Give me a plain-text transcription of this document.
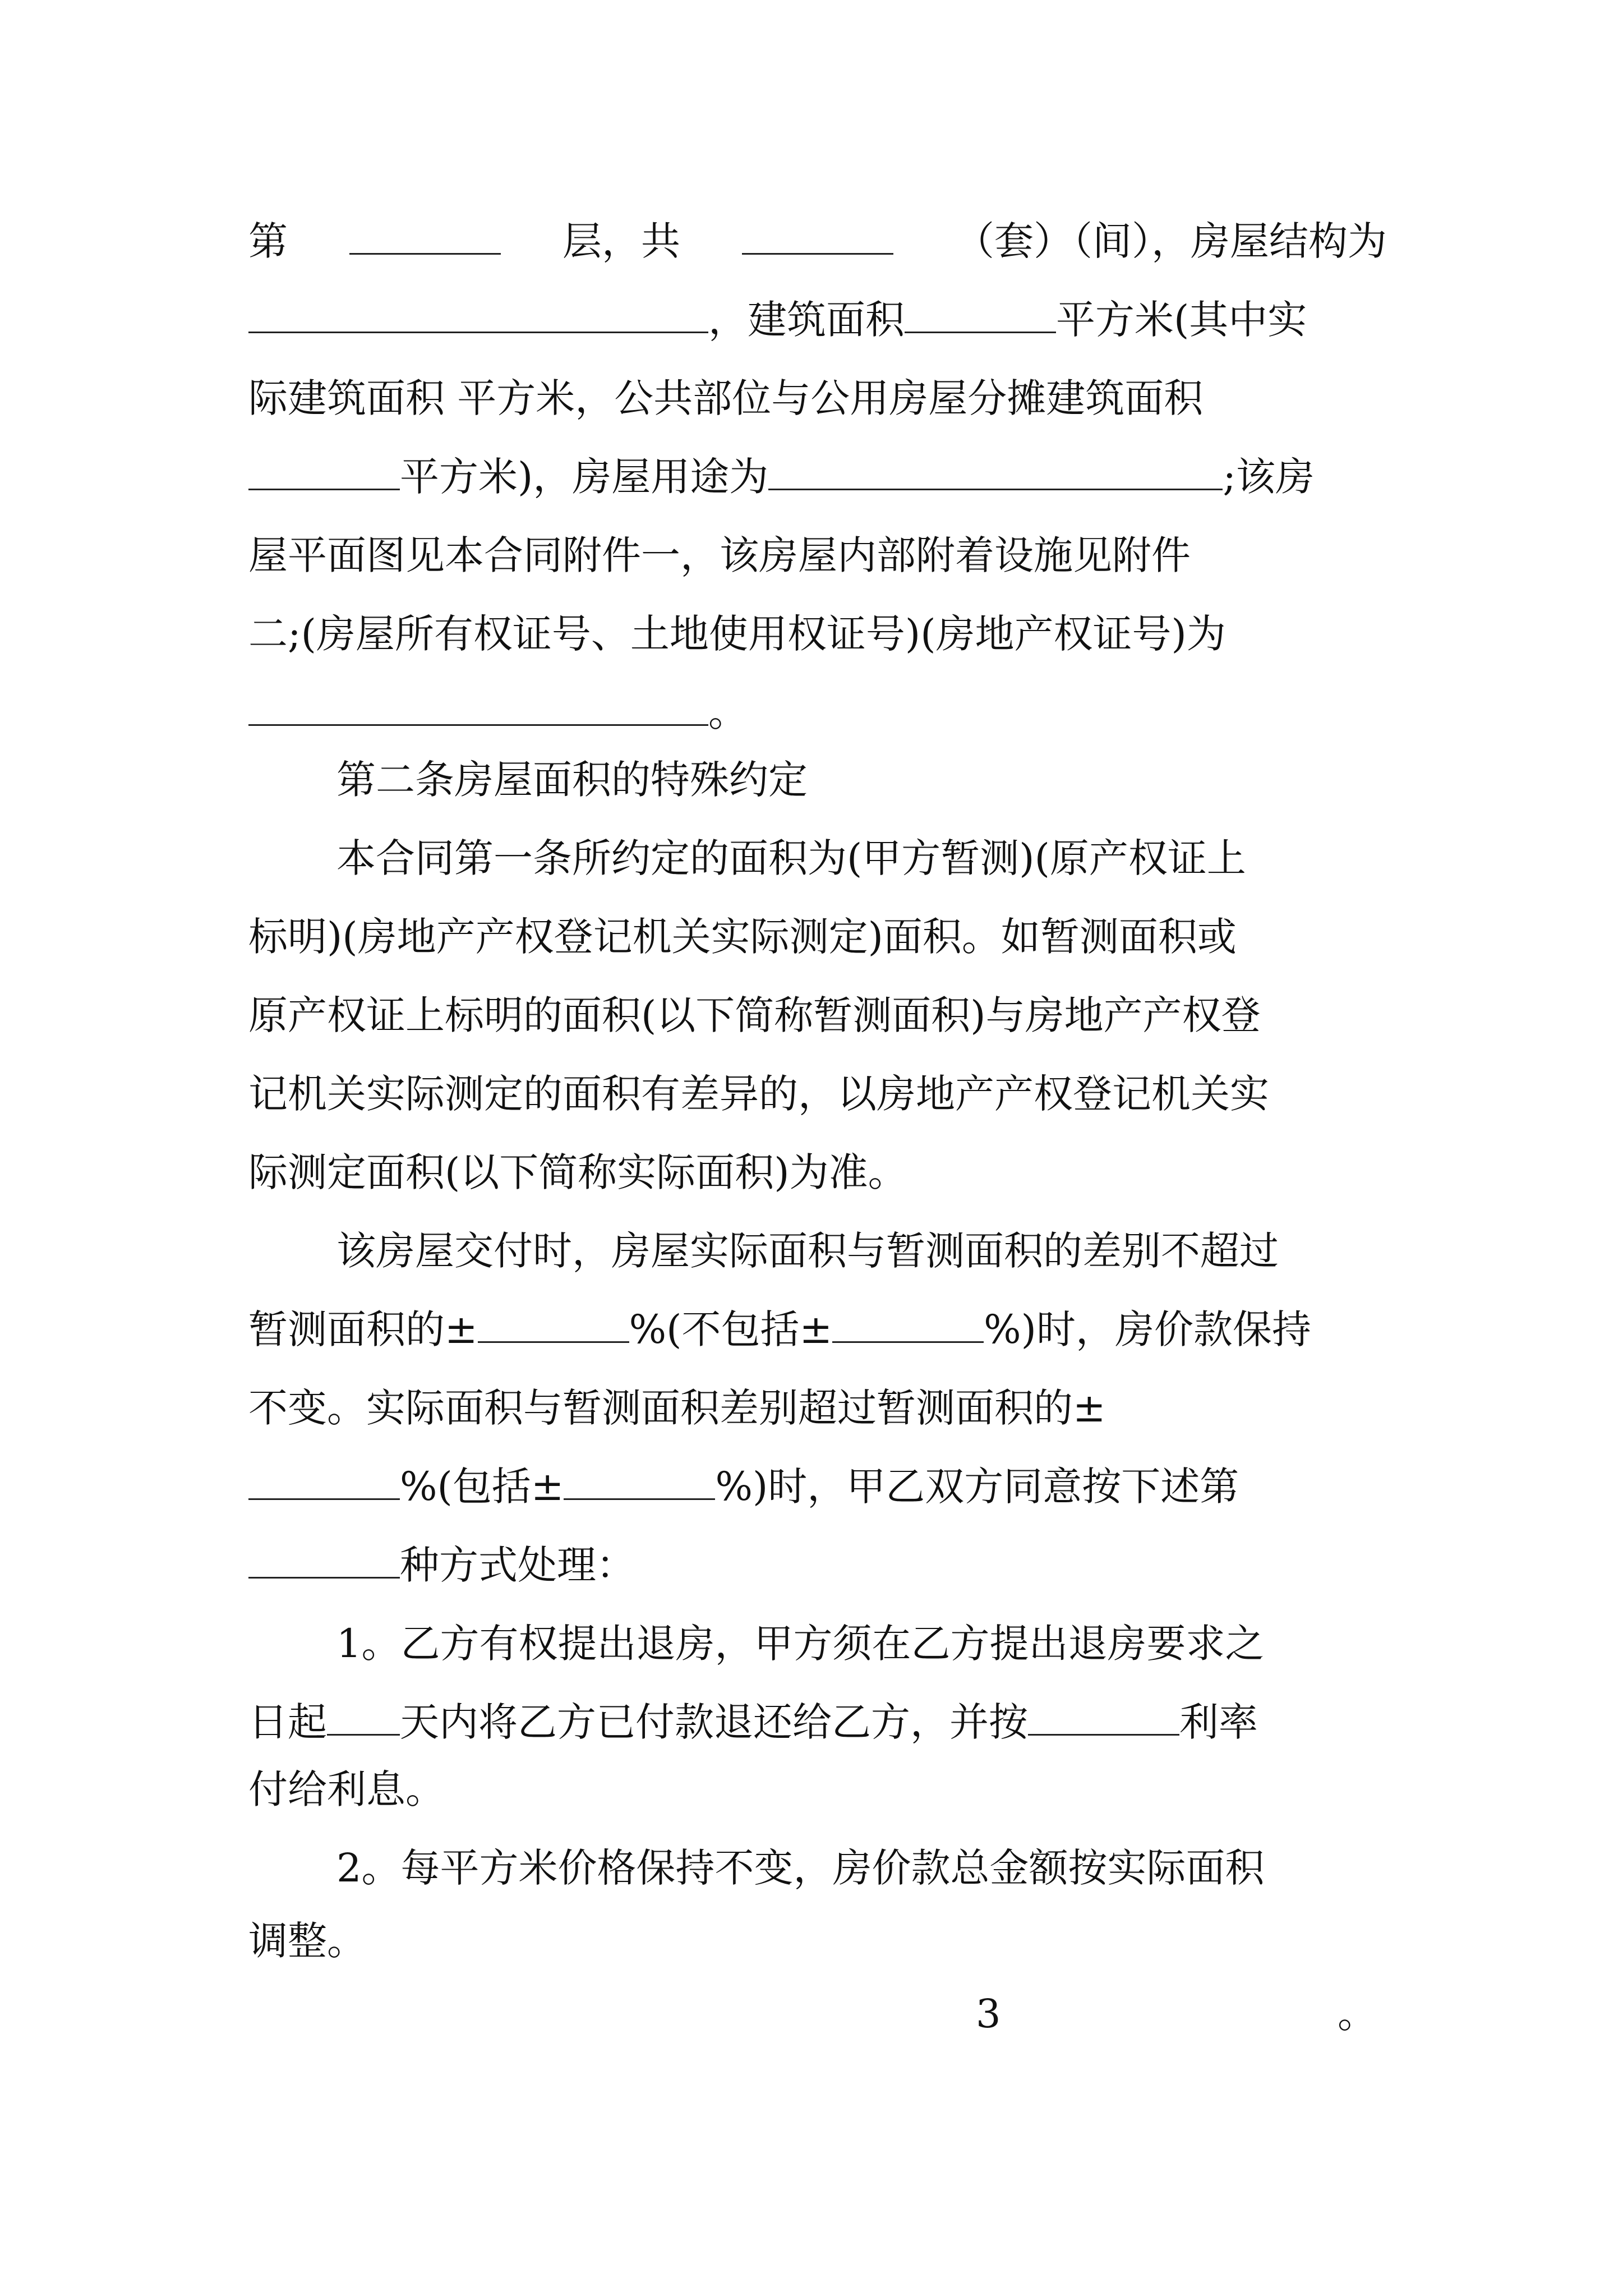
第	层，共	（套）（间），房屋结构为
，建筑面积	平方米(其中实
际建筑面积 平方米，公共部位与公用房屋分摊建筑面积
平方米)，房屋用途为	;该房
屋平面图见本合同附件一，该房屋内部附着设施见附件
二;(房屋所有权证号、土地使用权证号)(房地产权证号)为
。
第二条房屋面积的特殊约定
本合同第一条所约定的面积为(甲方暂测)(原产权证上
标明)(房地产产权登记机关实际测定)面积。如暂测面积或
原产权证上标明的面积(以下简称暂测面积)与房地产产权登
记机关实际测定的面积有差异的，以房地产产权登记机关实
际测定面积(以下简称实际面积)为准。
该房屋交付时，房屋实际面积与暂测面积的差别不超过
暂测面积的±	%(不包括±	%)时，房价款保持
不变。实际面积与暂测面积差别超过暂测面积的±
%(包括±	%)时，甲乙双方同意按下述第
种方式处理：
1。乙方有权提出退房，甲方须在乙方提出退房要求之
日起 天内将乙方已付款退还给乙方，并按	利率
付给利息。
2。每平方米价格保持不变，房价款总金额按实际面积
调整。
3	。
